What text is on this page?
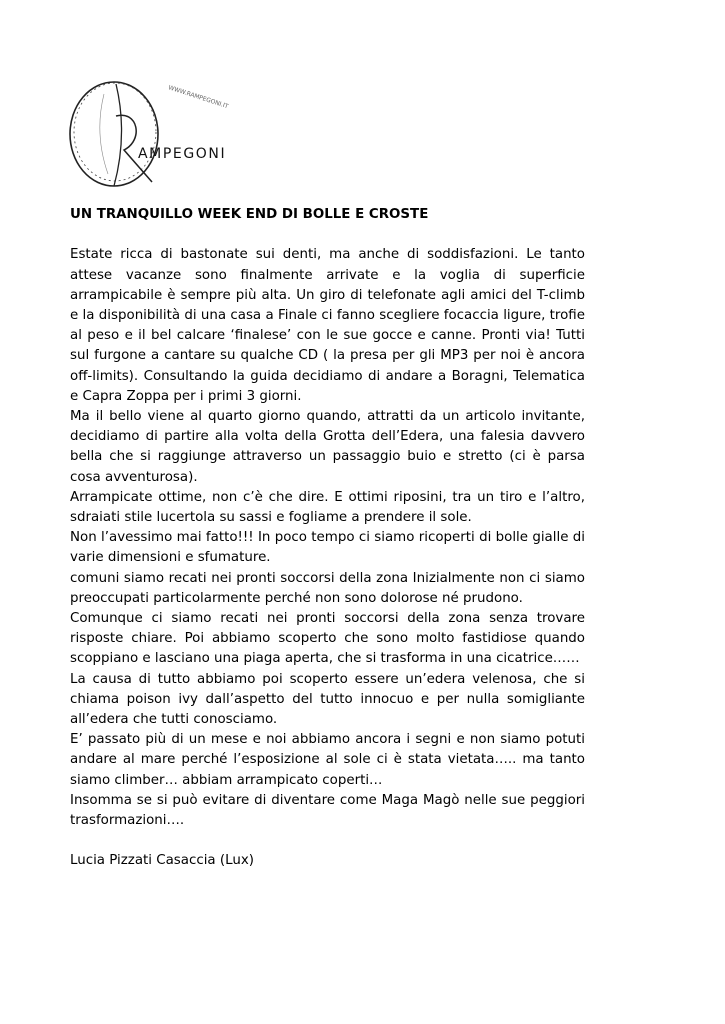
WWW.RAMPEGONI.IT
AMPEGONI

UN TRANQUILLO WEEK END DI BOLLE E CROSTE

Estate ricca di bastonate sui denti, ma anche di soddisfazioni. Le tanto attese vacanze sono finalmente arrivate e la voglia di superficie arrampicabile è sempre più alta. Un giro di telefonate agli amici del T-climb e la disponibilità di una casa a Finale ci fanno scegliere focaccia ligure, trofie al peso e il bel calcare ‘finalese’ con le sue gocce e canne. Pronti via! Tutti sul furgone a cantare su qualche CD ( la presa per gli MP3 per noi è ancora off-limits). Consultando la guida decidiamo di andare a Boragni, Telematica e Capra Zoppa per i primi 3 giorni.

Ma il bello viene al quarto giorno quando, attratti da un articolo invitante, decidiamo di partire alla volta della Grotta dell’Edera, una falesia davvero bella che si raggiunge attraverso un passaggio buio e stretto (ci è parsa cosa avventurosa).

Arrampicate ottime, non c’è che dire. E ottimi riposini, tra un tiro e l’altro, sdraiati stile lucertola su sassi e fogliame a prendere il sole.

Non l’avessimo mai fatto!!! In poco tempo ci siamo ricoperti di bolle gialle di varie dimensioni e sfumature.

comuni siamo recati nei pronti soccorsi della zona Inizialmente non ci siamo preoccupati particolarmente perché non sono dolorose né prudono.

Comunque ci siamo recati nei pronti soccorsi della zona senza trovare risposte chiare. Poi abbiamo scoperto che sono molto fastidiose quando scoppiano e lasciano una piaga aperta, che si trasforma in una cicatrice……

La causa di tutto abbiamo poi scoperto essere un’edera velenosa, che si chiama poison ivy dall’aspetto del tutto innocuo e per nulla somigliante all’edera che tutti conosciamo.

E’ passato più di un mese e noi abbiamo ancora i segni e non siamo potuti andare al mare perché l’esposizione al sole ci è stata vietata….. ma tanto siamo climber… abbiam arrampicato coperti…

Insomma se si può evitare di diventare come Maga Magò nelle sue peggiori trasformazioni….

Lucia Pizzati Casaccia (Lux)
